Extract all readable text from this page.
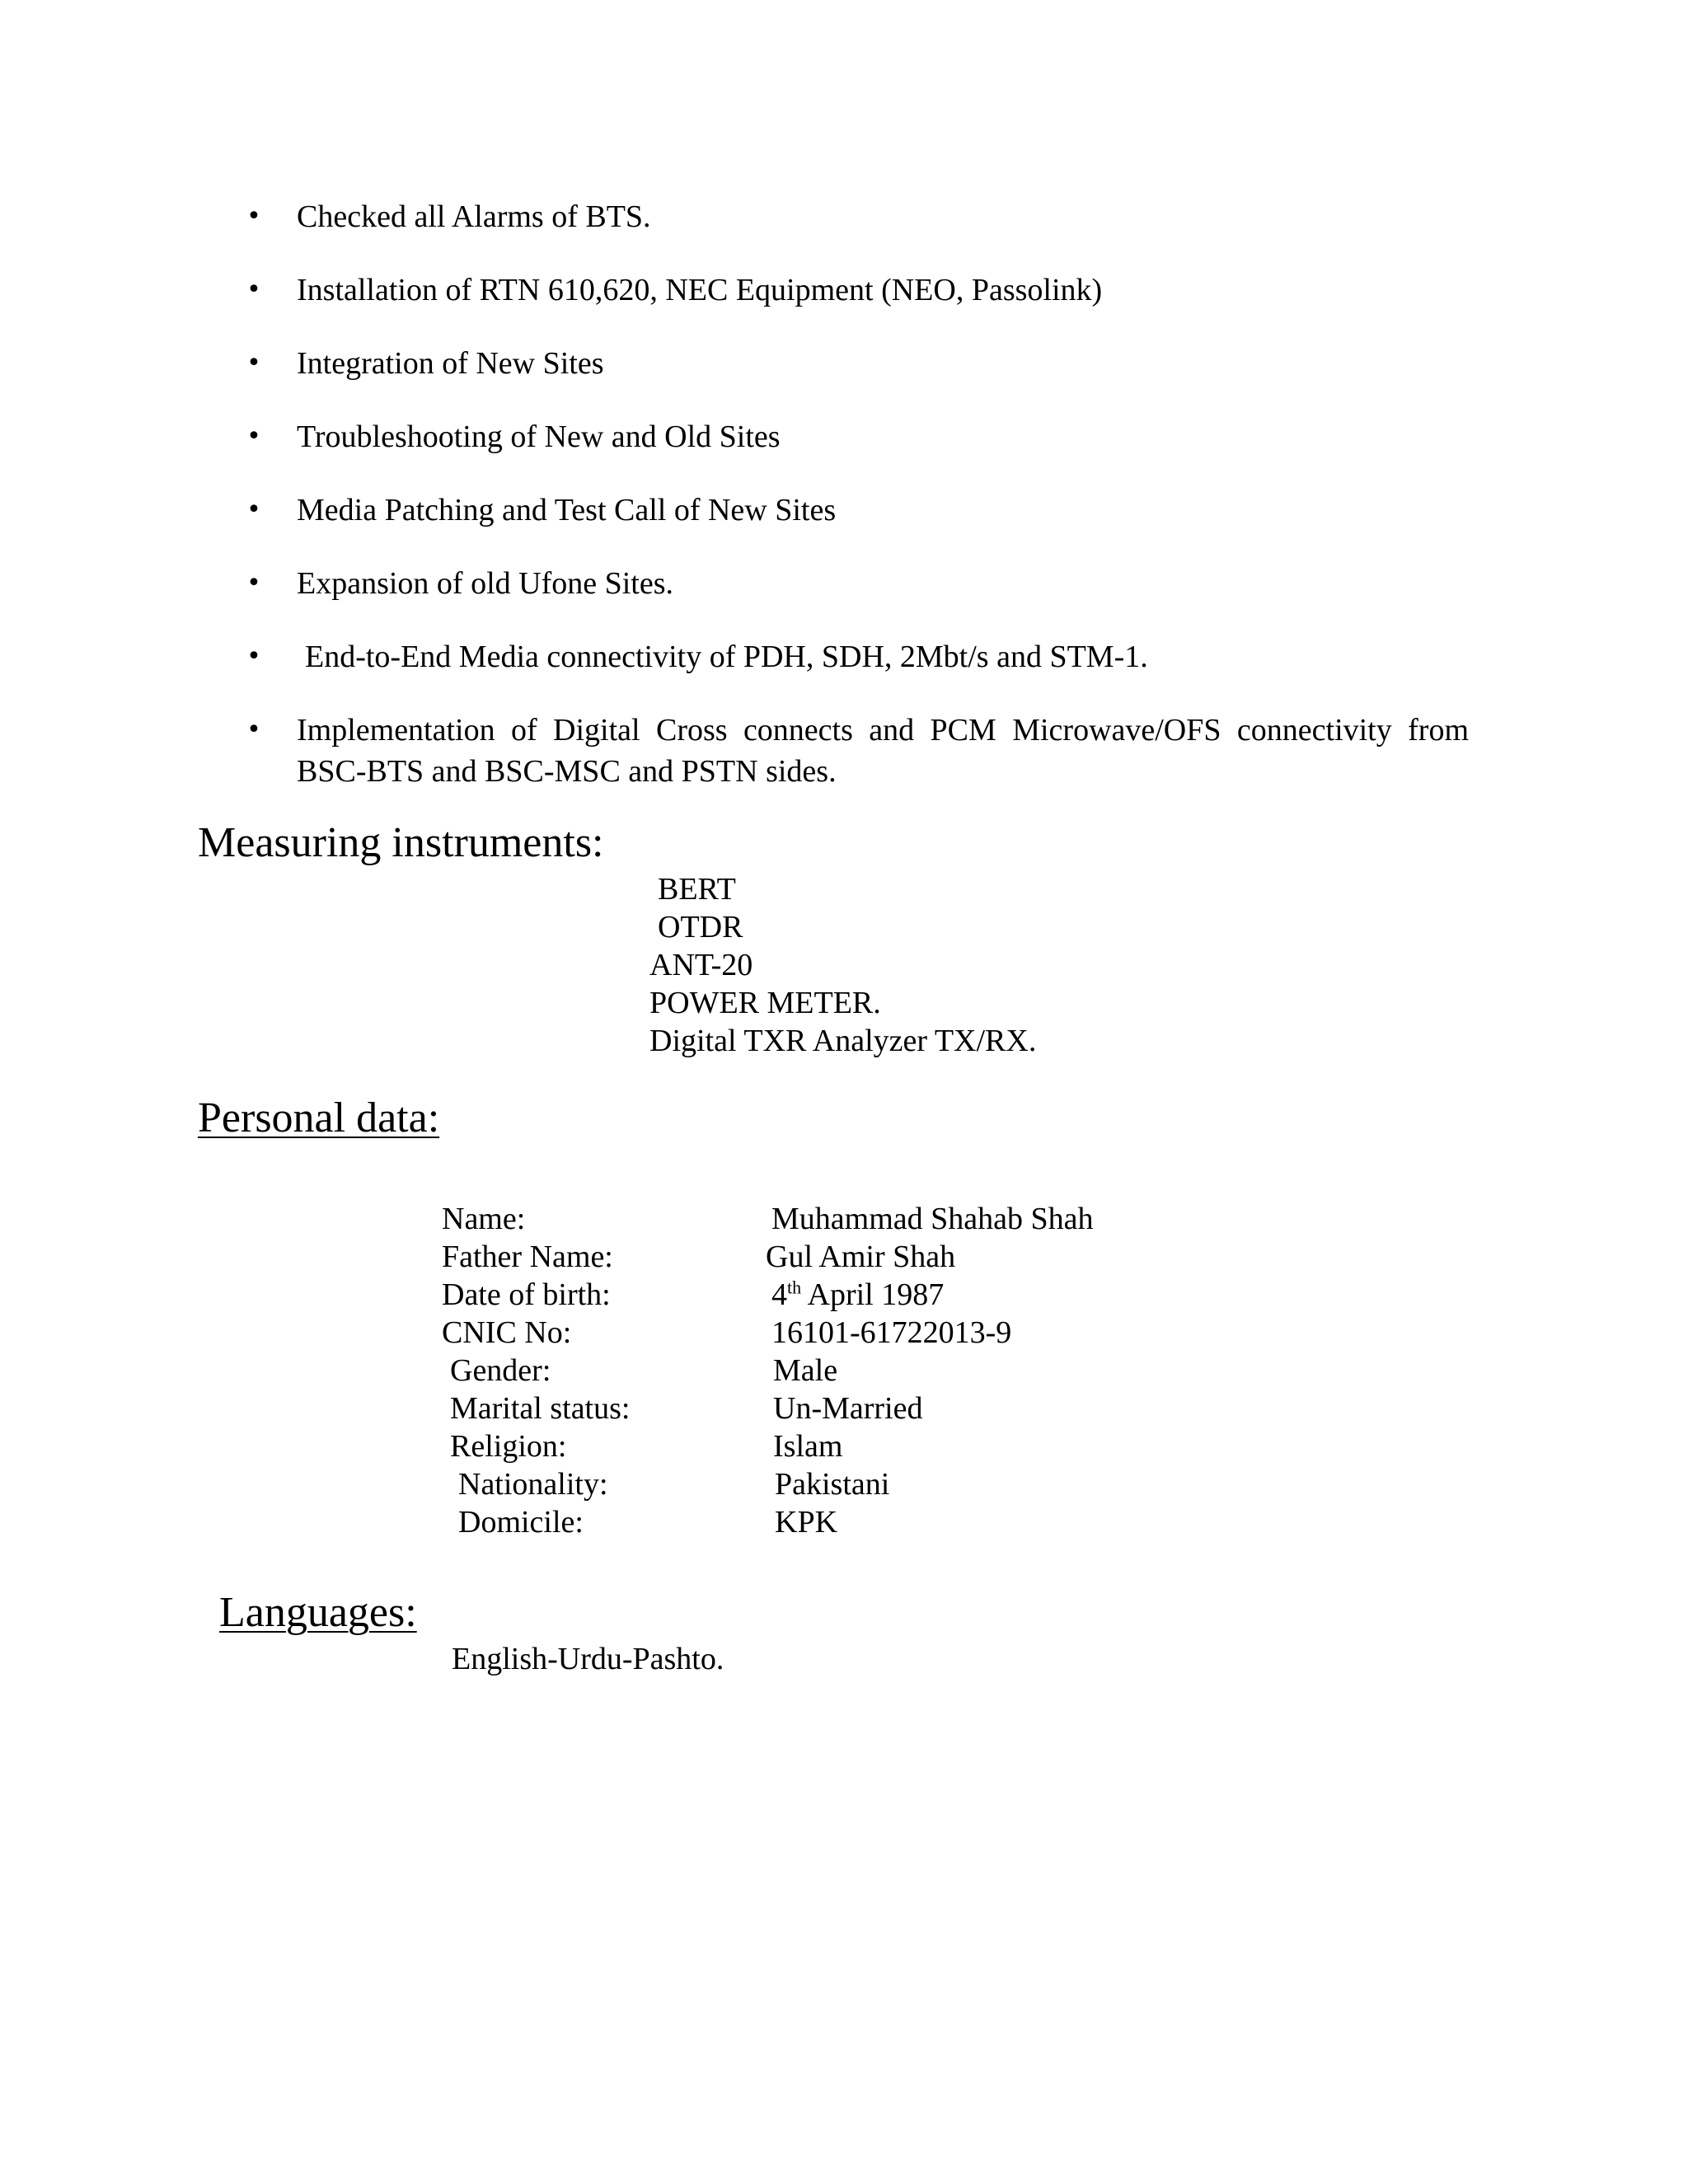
• Checked all Alarms of BTS.
• Installation of RTN 610,620, NEC Equipment (NEO, Passolink)
• Integration of New Sites
• Troubleshooting of New and Old Sites
• Media Patching and Test Call of New Sites
• Expansion of old Ufone Sites.
• End-to-End Media connectivity of PDH, SDH, 2Mbt/s and STM-1.
• Implementation of Digital Cross connects and PCM Microwave/OFS connectivity from BSC-BTS and BSC-MSC and PSTN sides.
Measuring instruments:
BERT
OTDR
ANT-20
POWER METER.
Digital TXR Analyzer TX/RX.
Personal data:
Name:	Muhammad Shahab Shah
Father Name:	Gul Amir Shah
Date of birth:	4th April 1987
CNIC No:	16101-61722013-9
Gender:	Male
Marital status:	Un-Married
Religion:	Islam
Nationality:	Pakistani
Domicile:	KPK
Languages:
English-Urdu-Pashto.
